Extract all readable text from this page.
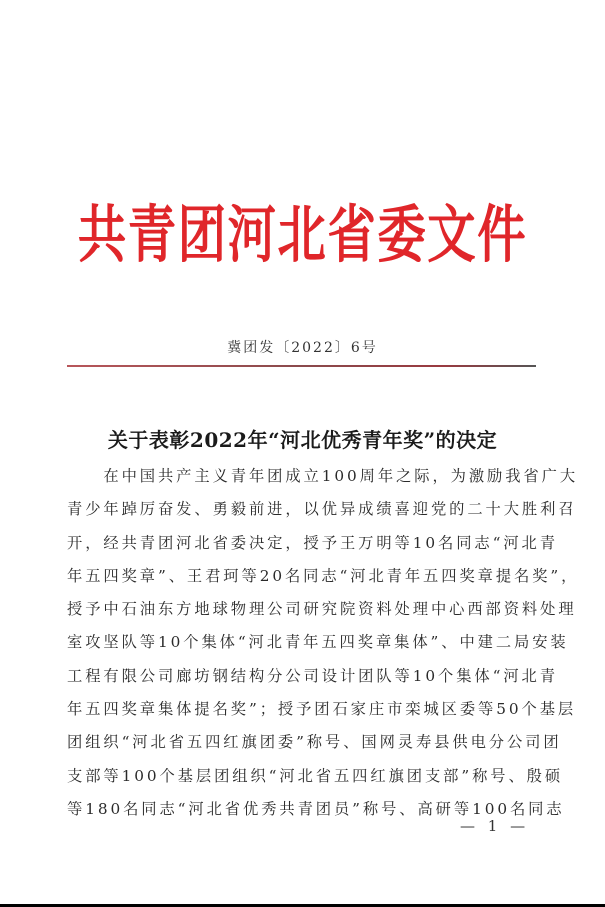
共青团河北省委文件
冀团发〔2022〕6号
关于表彰2022年“河北优秀青年奖”的决定
　　在中国共产主义青年团成立100周年之际，为激励我省广大
青少年踔厉奋发、勇毅前进，以优异成绩喜迎党的二十大胜利召
开，经共青团河北省委决定，授予王万明等10名同志“河北青
年五四奖章”、王君珂等20名同志“河北青年五四奖章提名奖”，
授予中石油东方地球物理公司研究院资料处理中心西部资料处理
室攻坚队等10个集体“河北青年五四奖章集体”、中建二局安装
工程有限公司廊坊钢结构分公司设计团队等10个集体“河北青
年五四奖章集体提名奖”；授予团石家庄市栾城区委等50个基层
团组织“河北省五四红旗团委”称号、国网灵寿县供电分公司团
支部等100个基层团组织“河北省五四红旗团支部”称号、殷硕
等180名同志“河北省优秀共青团员”称号、高研等100名同志
— 1 —
